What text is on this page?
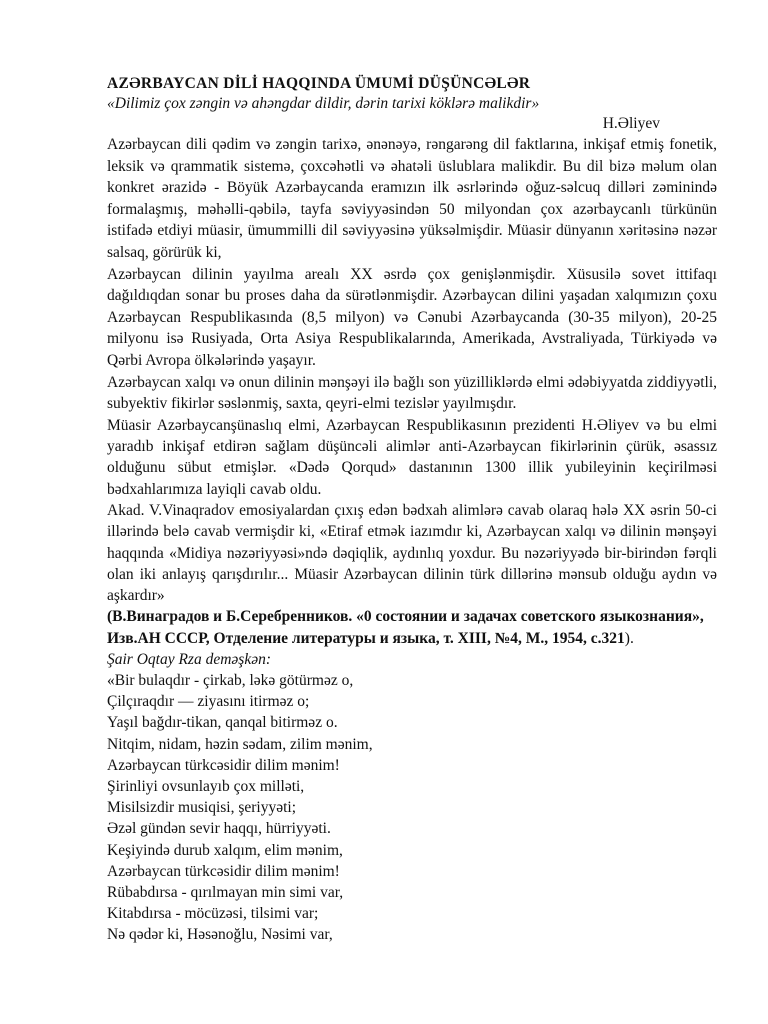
AZƏRBAYCAN DİLİ HAQQINDA ÜMUMİ DÜŞÜNCƏLƏR

«Dilimiz çox zəngin və ahəngdar dildir, dərin tarixi köklərə malikdir»

H.Əliyev

Azərbaycan dili qədim və zəngin tarixə, ənənəyə, rəngarəng dil faktlarına, inkişaf etmiş fonetik, leksik və qrammatik sistemə, çoxcəhətli və əhatəli üslublara malikdir. Bu dil bizə məlum olan konkret ərazidə - Böyük Azərbaycanda eramızın ilk əsrlərində oğuz-səlcuq dilləri zəminində formalaşmış, məhəlli-qəbilə, tayfa səviyyəsindən 50 milyondan çox azərbaycanlı türkünün istifadə etdiyi müasir, ümummilli dil səviyyəsinə yüksəlmişdir. Müasir dünyanın xəritəsinə nəzər salsaq, görürük ki,

Azərbaycan dilinin yayılma arealı XX əsrdə çox genişlənmişdir. Xüsusilə sovet ittifaqı dağıldıqdan sonar bu proses daha da sürətlənmişdir. Azərbaycan dilini yaşadan xalqımızın çoxu Azərbaycan Respublikasında (8,5 milyon) və Cənubi Azərbaycanda (30-35 milyon), 20-25 milyonu isə Rusiyada, Orta Asiya Respublikalarında, Amerikada, Avstraliyada, Türkiyədə və Qərbi Avropa ölkələrində yaşayır.

Azərbaycan xalqı və onun dilinin mənşəyi ilə bağlı son yüzilliklərdə elmi ədəbiyyatda ziddiyyətli, subyektiv fikirlər səslənmiş, saxta, qeyri-elmi tezislər yayılmışdır.

Müasir Azərbaycanşünaslıq elmi, Azərbaycan Respublikasının prezidenti H.Əliyev və bu elmi yaradıb inkişaf etdirən sağlam düşüncəli alimlər anti-Azərbaycan fikirlərinin çürük, əsassız olduğunu sübut etmişlər. «Dədə Qorqud» dastanının 1300 illik yubileyinin keçirilməsi bədxahlarımıza layiqli cavab oldu.

Akad. V.Vinaqradov emosiyalardan çıxış edən bədxah alimlərə cavab olaraq hələ XX əsrin 50-ci illərində belə cavab vermişdir ki, «Etiraf etmək iazımdır ki, Azərbaycan xalqı və dilinin mənşəyi haqqında «Midiya nəzəriyyəsi»ndə dəqiqlik, aydınlıq yoxdur. Bu nəzəriyyədə bir-birindən fərqli olan iki anlayış qarışdırılır... Müasir Azərbaycan dilinin türk dillərinə mənsub olduğu aydın və aşkardır»

(В.Винаградов и Б.Серебренников. «0 состоянии и задачах советского языкознания»,

Изв.АН СССР, Отделение литературы и языка, т. XIII, №4, М., 1954, с.321).

Şair Oqtay Rza deməşkən:

«Bir bulaqdır - çirkab, ləkə götürməz o,
Çilçıraqdır — ziyasını itirməz o;
Yaşıl bağdır-tikan, qanqal bitirməz o.
Nitqim, nidam, həzin sədam, zilim mənim,
Azərbaycan türkcəsidir dilim mənim!
Şirinliyi ovsunlayıb çox milləti,
Misilsizdir musiqisi, şeriyyəti;
Əzəl gündən sevir haqqı, hürriyyəti.
Keşiyində durub xalqım, elim mənim,
Azərbaycan türkcəsidir dilim mənim!
Rübabdırsa - qırılmayan min simi var,
Kitabdırsa - möcüzəsi, tilsimi var;
Nə qədər ki, Həsənoğlu, Nəsimi var,
